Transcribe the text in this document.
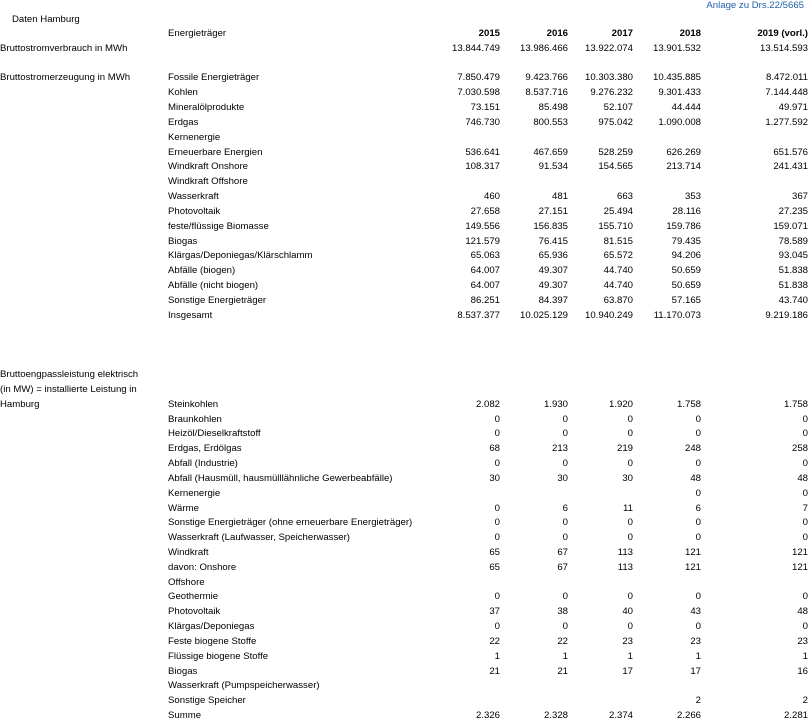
Anlage zu Drs.22/5665
Daten Hamburg
	Energieträger	2015	2016	2017	2018	2019 (vorl.)
Bruttostromverbrauch in MWh		13.844.749	13.986.466	13.922.074	13.901.532	13.514.593

Bruttostromerzeugung in MWh	Fossile Energieträger	7.850.479	9.423.766	10.303.380	10.435.885	8.472.011
	Kohlen	7.030.598	8.537.716	9.276.232	9.301.433	7.144.448
	Mineralölprodukte	73.151	85.498	52.107	44.444	49.971
	Erdgas	746.730	800.553	975.042	1.090.008	1.277.592
	Kernenergie					
	Erneuerbare Energien	536.641	467.659	528.259	626.269	651.576
	Windkraft Onshore	108.317	91.534	154.565	213.714	241.431
	Windkraft Offshore					
	Wasserkraft	460	481	663	353	367
	Photovoltaik	27.658	27.151	25.494	28.116	27.235
	feste/flüssige Biomasse	149.556	156.835	155.710	159.786	159.071
	Biogas	121.579	76.415	81.515	79.435	78.589
	Klärgas/Deponiegas/Klärschlamm	65.063	65.936	65.572	94.206	93.045
	Abfälle (biogen)	64.007	49.307	44.740	50.659	51.838
	Abfälle (nicht biogen)	64.007	49.307	44.740	50.659	51.838
	Sonstige Energieträger	86.251	84.397	63.870	57.165	43.740
	Insgesamt	8.537.377	10.025.129	10.940.249	11.170.073	9.219.186

Bruttoengpassleistung elektrisch						
(in MW) = installierte Leistung in						
Hamburg	Steinkohlen	2.082	1.930	1.920	1.758	1.758
	Braunkohlen	0	0	0	0	0
	Heizöl/Dieselkraftstoff	0	0	0	0	0
	Erdgas, Erdölgas	68	213	219	248	258
	Abfall (Industrie)	0	0	0	0	0
	Abfall (Hausmüll, hausmülllähnliche Gewerbeabfälle)	30	30	30	48	48
	Kernenergie				0	0
	Wärme	0	6	11	6	7
	Sonstige Energieträger (ohne erneuerbare Energieträger)	0	0	0	0	0
	Wasserkraft (Laufwasser, Speicherwasser)	0	0	0	0	0
	Windkraft	65	67	113	121	121
	davon: Onshore	65	67	113	121	121
	Offshore					
	Geothermie	0	0	0	0	0
	Photovoltaik	37	38	40	43	48
	Klärgas/Deponiegas	0	0	0	0	0
	Feste biogene Stoffe	22	22	23	23	23
	Flüssige biogene Stoffe	1	1	1	1	1
	Biogas	21	21	17	17	16
	Wasserkraft (Pumpspeicherwasser)					
	Sonstige Speicher				2	2
	Summe	2.326	2.328	2.374	2.266	2.281
